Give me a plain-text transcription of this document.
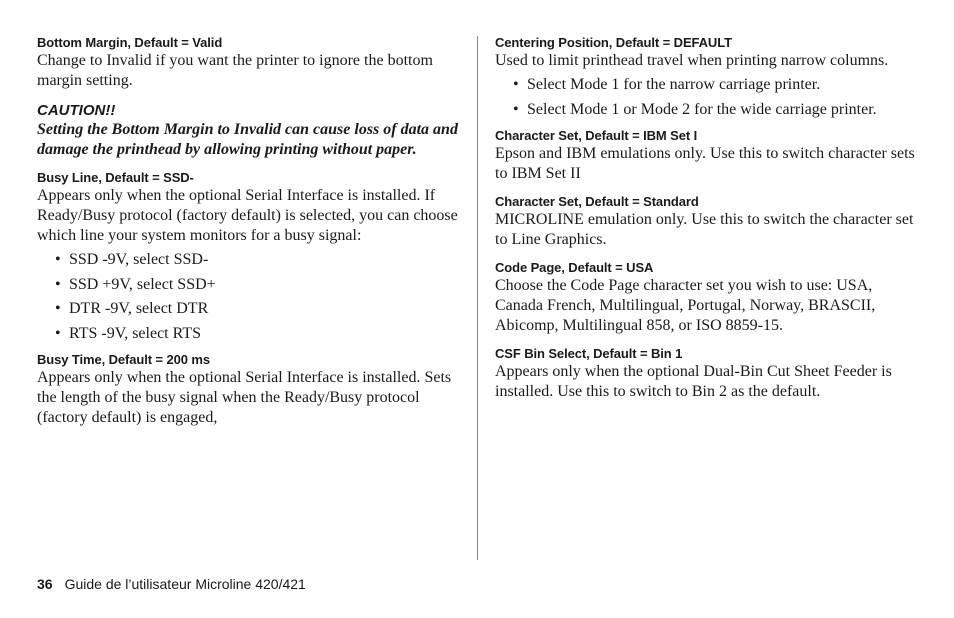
Bottom Margin, Default = Valid

Change to Invalid if you want the printer to ignore the bottom margin setting.

CAUTION!!

Setting the Bottom Margin to Invalid can cause loss of data and damage the printhead by allowing printing without paper.

Busy Line, Default = SSD-

Appears only when the optional Serial Interface is installed. If Ready/Busy protocol (factory default) is selected, you can choose which line your system monitors for a busy signal:

• SSD -9V, select SSD-
• SSD +9V, select SSD+
• DTR -9V, select DTR
• RTS -9V, select RTS

Busy Time, Default = 200 ms

Appears only when the optional Serial Interface is installed. Sets the length of the busy signal when the Ready/Busy protocol (factory default) is engaged,

Centering Position, Default = DEFAULT

Used to limit printhead travel when printing narrow columns.

• Select Mode 1 for the narrow carriage printer.
• Select Mode 1 or Mode 2 for the wide carriage printer.

Character Set, Default = IBM Set I

Epson and IBM emulations only. Use this to switch character sets to IBM Set II

Character Set, Default = Standard

MICROLINE emulation only. Use this to switch the character set to Line Graphics.

Code Page, Default = USA

Choose the Code Page character set you wish to use: USA, Canada French, Multilingual, Portugal, Norway, BRASCII, Abicomp, Multilingual 858, or ISO 8859-15.

CSF Bin Select, Default = Bin 1

Appears only when the optional Dual-Bin Cut Sheet Feeder is installed. Use this to switch to Bin 2 as the default.

36 Guide de l’utilisateur Microline 420/421
